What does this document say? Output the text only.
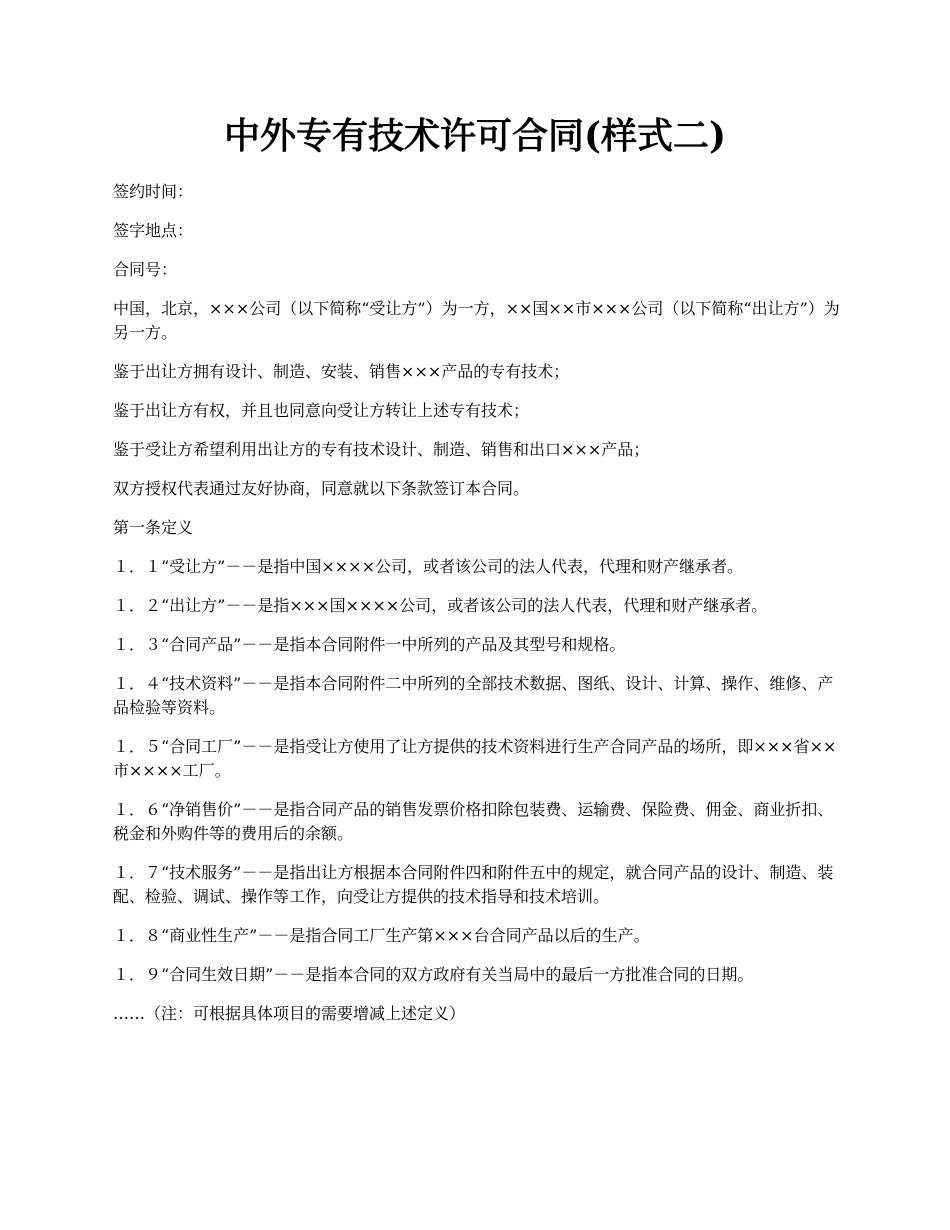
中外专有技术许可合同(样式二)

签约时间：

签字地点：

合同号：

中国，北京，×××公司（以下简称“受让方”）为一方，××国××市×××公司（以下简称“出让方”）为另一方。

鉴于出让方拥有设计、制造、安装、销售×××产品的专有技术；

鉴于出让方有权，并且也同意向受让方转让上述专有技术；

鉴于受让方希望利用出让方的专有技术设计、制造、销售和出口×××产品；

双方授权代表通过友好协商，同意就以下条款签订本合同。

第一条定义

１．１“受让方”－－是指中国××××公司，或者该公司的法人代表，代理和财产继承者。

１．２“出让方”－－是指×××国××××公司，或者该公司的法人代表，代理和财产继承者。

１．３“合同产品”－－是指本合同附件一中所列的产品及其型号和规格。

１．４“技术资料”－－是指本合同附件二中所列的全部技术数据、图纸、设计、计算、操作、维修、产品检验等资料。

１．５“合同工厂”－－是指受让方使用了让方提供的技术资料进行生产合同产品的场所，即×××省××市××××工厂。

１．６“净销售价”－－是指合同产品的销售发票价格扣除包装费、运输费、保险费、佣金、商业折扣、税金和外购件等的费用后的余额。

１．７“技术服务”－－是指出让方根据本合同附件四和附件五中的规定，就合同产品的设计、制造、装配、检验、调试、操作等工作，向受让方提供的技术指导和技术培训。

１．８“商业性生产”－－是指合同工厂生产第×××台合同产品以后的生产。

１．９“合同生效日期”－－是指本合同的双方政府有关当局中的最后一方批准合同的日期。

……（注：可根据具体项目的需要增减上述定义）
